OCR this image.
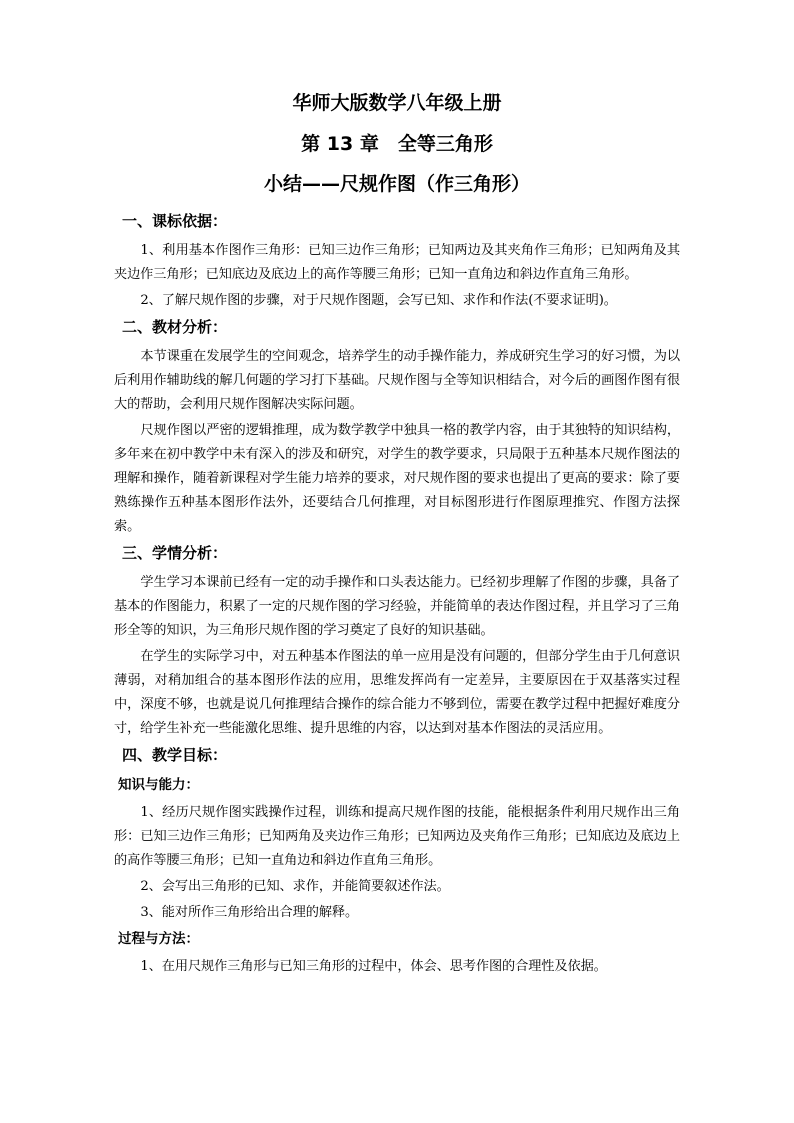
华师大版数学八年级上册
第 13 章　全等三角形
小结——尺规作图（作三角形）
一、课标依据：

1、利用基本作图作三角形：已知三边作三角形；已知两边及其夹角作三角形；已知两角及其夹边作三角形；已知底边及底边上的高作等腰三角形；已知一直角边和斜边作直角三角形。

2、了解尺规作图的步骤，对于尺规作图题，会写已知、求作和作法(不要求证明)。

二、教材分析：

本节课重在发展学生的空间观念，培养学生的动手操作能力，养成研究生学习的好习惯，为以后利用作辅助线的解几何题的学习打下基础。尺规作图与全等知识相结合，对今后的画图作图有很大的帮助，会利用尺规作图解决实际问题。

尺规作图以严密的逻辑推理，成为数学教学中独具一格的教学内容，由于其独特的知识结构，多年来在初中教学中未有深入的涉及和研究，对学生的教学要求，只局限于五种基本尺规作图法的理解和操作，随着新课程对学生能力培养的要求，对尺规作图的要求也提出了更高的要求：除了要熟练操作五种基本图形作法外，还要结合几何推理，对目标图形进行作图原理推究、作图方法探索。

三、学情分析：

学生学习本课前已经有一定的动手操作和口头表达能力。已经初步理解了作图的步骤，具备了基本的作图能力，积累了一定的尺规作图的学习经验，并能简单的表达作图过程，并且学习了三角形全等的知识，为三角形尺规作图的学习奠定了良好的知识基础。

在学生的实际学习中，对五种基本作图法的单一应用是没有问题的，但部分学生由于几何意识薄弱，对稍加组合的基本图形作法的应用，思维发挥尚有一定差异，主要原因在于双基落实过程中，深度不够，也就是说几何推理结合操作的综合能力不够到位，需要在教学过程中把握好难度分寸，给学生补充一些能激化思维、提升思维的内容，以达到对基本作图法的灵活应用。

四、教学目标：
知识与能力：

1、经历尺规作图实践操作过程，训练和提高尺规作图的技能，能根据条件利用尺规作出三角形：已知三边作三角形；已知两角及夹边作三角形；已知两边及夹角作三角形；已知底边及底边上的高作等腰三角形；已知一直角边和斜边作直角三角形。

2、会写出三角形的已知、求作，并能简要叙述作法。

3、能对所作三角形给出合理的解释。

过程与方法：

1、在用尺规作三角形与已知三角形的过程中，体会、思考作图的合理性及依据。
